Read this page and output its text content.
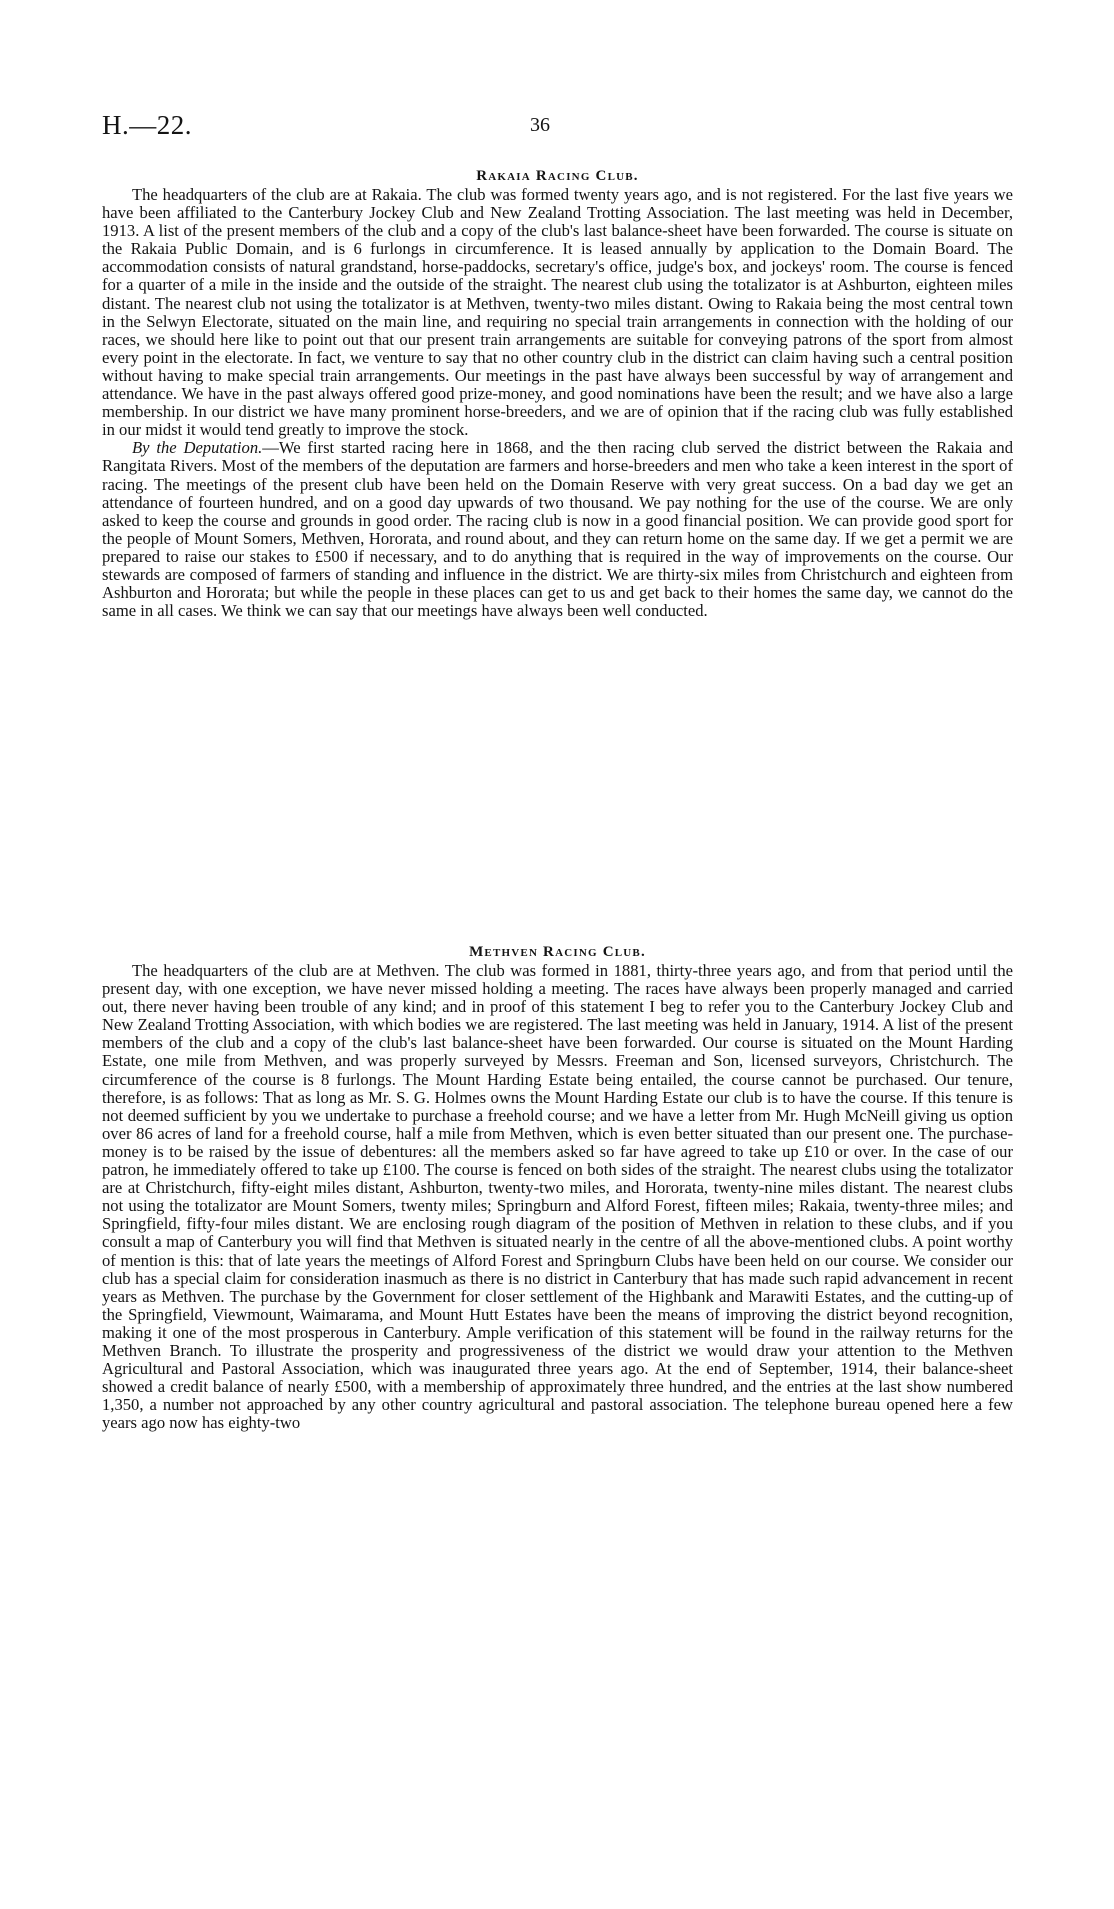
H.—22.	36
Rakaia Racing Club.

The headquarters of the club are at Rakaia. The club was formed twenty years ago, and is not registered. For the last five years we have been affiliated to the Canterbury Jockey Club and New Zealand Trotting Association. The last meeting was held in December, 1913. A list of the present members of the club and a copy of the club's last balance-sheet have been forwarded. The course is situate on the Rakaia Public Domain, and is 6 furlongs in circumference. It is leased annually by application to the Domain Board. The accommodation consists of natural grandstand, horse-paddocks, secretary's office, judge's box, and jockeys' room. The course is fenced for a quarter of a mile in the inside and the outside of the straight. The nearest club using the totalizator is at Ashburton, eighteen miles distant. The nearest club not using the totalizator is at Methven, twenty-two miles distant. Owing to Rakaia being the most central town in the Selwyn Electorate, situated on the main line, and requiring no special train arrangements in connection with the holding of our races, we should here like to point out that our present train arrangements are suitable for conveying patrons of the sport from almost every point in the electorate. In fact, we venture to say that no other country club in the district can claim having such a central position without having to make special train arrangements. Our meetings in the past have always been successful by way of arrangement and attendance. We have in the past always offered good prize-money, and good nominations have been the result; and we have also a large membership. In our district we have many prominent horse-breeders, and we are of opinion that if the racing club was fully established in our midst it would tend greatly to improve the stock.

By the Deputation.—We first started racing here in 1868, and the then racing club served the district between the Rakaia and Rangitata Rivers. Most of the members of the deputation are farmers and horse-breeders and men who take a keen interest in the sport of racing. The meetings of the present club have been held on the Domain Reserve with very great success. On a bad day we get an attendance of fourteen hundred, and on a good day upwards of two thousand. We pay nothing for the use of the course. We are only asked to keep the course and grounds in good order. The racing club is now in a good financial position. We can provide good sport for the people of Mount Somers, Methven, Hororata, and round about, and they can return home on the same day. If we get a permit we are prepared to raise our stakes to £500 if necessary, and to do anything that is required in the way of improvements on the course. Our stewards are composed of farmers of standing and influence in the district. We are thirty-six miles from Christchurch and eighteen from Ashburton and Hororata; but while the people in these places can get to us and get back to their homes the same day, we cannot do the same in all cases. We think we can say that our meetings have always been well conducted.

Methven Racing Club.

The headquarters of the club are at Methven. The club was formed in 1881, thirty-three years ago, and from that period until the present day, with one exception, we have never missed holding a meeting. The races have always been properly managed and carried out, there never having been trouble of any kind; and in proof of this statement I beg to refer you to the Canterbury Jockey Club and New Zealand Trotting Association, with which bodies we are registered. The last meeting was held in January, 1914. A list of the present members of the club and a copy of the club's last balance-sheet have been forwarded. Our course is situated on the Mount Harding Estate, one mile from Methven, and was properly surveyed by Messrs. Freeman and Son, licensed surveyors, Christchurch. The circumference of the course is 8 furlongs. The Mount Harding Estate being entailed, the course cannot be purchased. Our tenure, therefore, is as follows: That as long as Mr. S. G. Holmes owns the Mount Harding Estate our club is to have the course. If this tenure is not deemed sufficient by you we undertake to purchase a freehold course; and we have a letter from Mr. Hugh McNeill giving us option over 86 acres of land for a freehold course, half a mile from Methven, which is even better situated than our present one. The purchase-money is to be raised by the issue of debentures: all the members asked so far have agreed to take up £10 or over. In the case of our patron, he immediately offered to take up £100. The course is fenced on both sides of the straight. The nearest clubs using the totalizator are at Christchurch, fifty-eight miles distant, Ashburton, twenty-two miles, and Hororata, twenty-nine miles distant. The nearest clubs not using the totalizator are Mount Somers, twenty miles; Springburn and Alford Forest, fifteen miles; Rakaia, twenty-three miles; and Springfield, fifty-four miles distant. We are enclosing rough diagram of the position of Methven in relation to these clubs, and if you consult a map of Canterbury you will find that Methven is situated nearly in the centre of all the above-mentioned clubs. A point worthy of mention is this: that of late years the meetings of Alford Forest and Springburn Clubs have been held on our course. We consider our club has a special claim for consideration inasmuch as there is no district in Canterbury that has made such rapid advancement in recent years as Methven. The purchase by the Government for closer settlement of the Highbank and Marawiti Estates, and the cutting-up of the Springfield, Viewmount, Waimarama, and Mount Hutt Estates have been the means of improving the district beyond recognition, making it one of the most prosperous in Canterbury. Ample verification of this statement will be found in the railway returns for the Methven Branch. To illustrate the prosperity and progressiveness of the district we would draw your attention to the Methven Agricultural and Pastoral Association, which was inaugurated three years ago. At the end of September, 1914, their balance-sheet showed a credit balance of nearly £500, with a membership of approximately three hundred, and the entries at the last show numbered 1,350, a number not approached by any other country agricultural and pastoral association. The telephone bureau opened here a few years ago now has eighty-two
